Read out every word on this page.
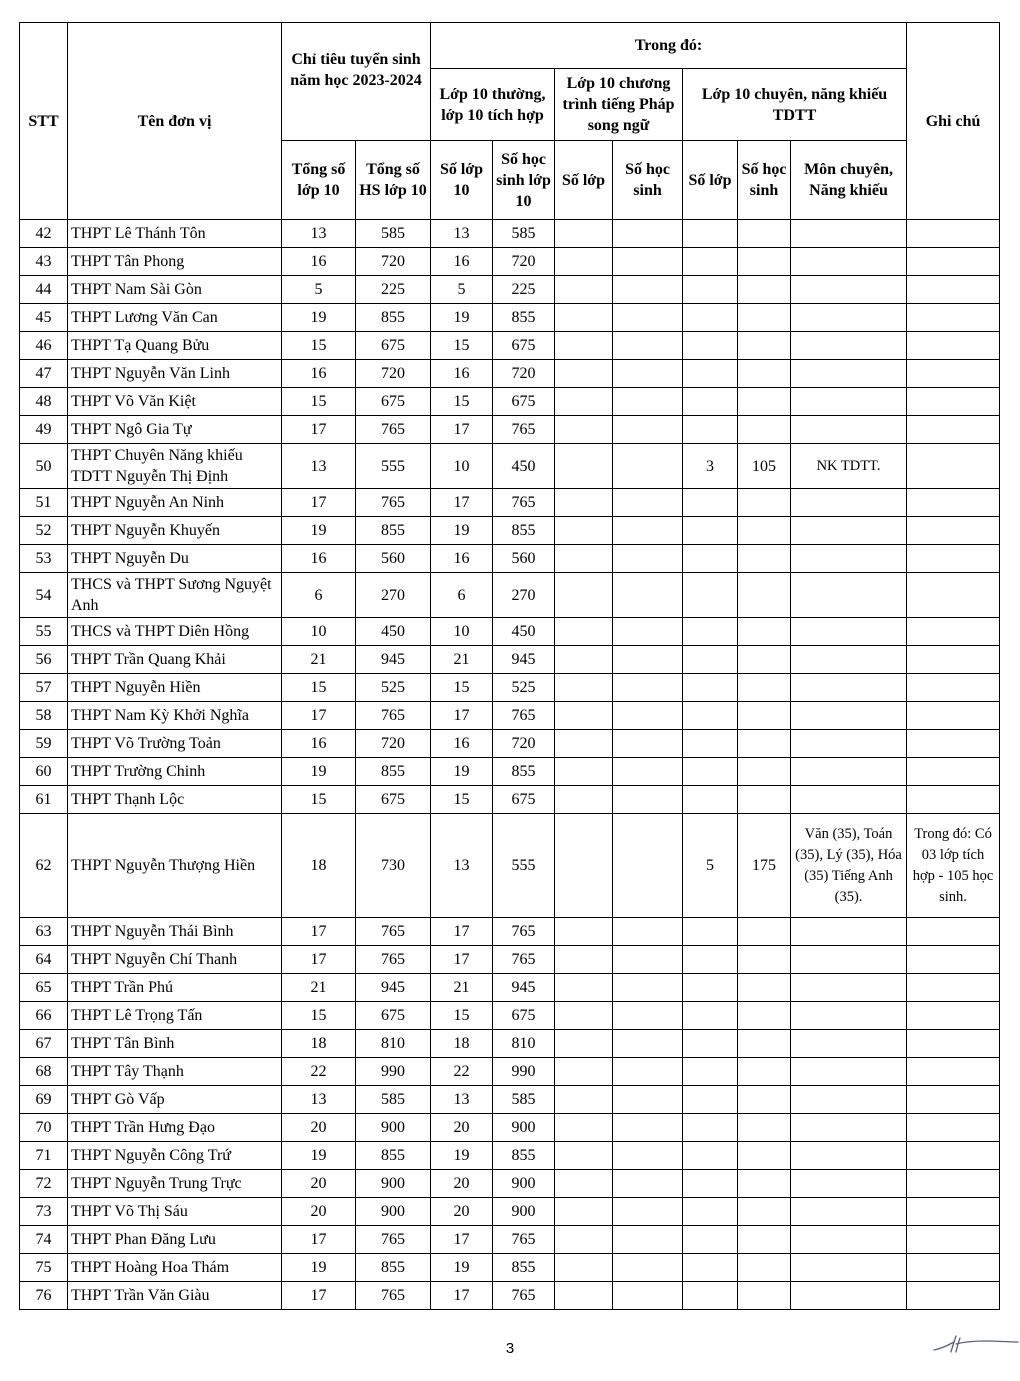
STT	Tên đơn vị	Chỉ tiêu tuyển sinh năm học 2023-2024		Trong đó:							Ghi chú
				Lớp 10 thường, lớp 10 tích hợp		Lớp 10 chương trình tiếng Pháp song ngữ		Lớp 10 chuyên, năng khiếu TDTT			
		Tổng số lớp 10	Tổng số HS lớp 10	Số lớp 10	Số học sinh lớp 10	Số lớp	Số học sinh	Số lớp	Số học sinh	Môn chuyên, Năng khiếu	
42	THPT Lê Thánh Tôn	13	585	13	585						
43	THPT Tân Phong	16	720	16	720						
44	THPT Nam Sài Gòn	5	225	5	225						
45	THPT Lương Văn Can	19	855	19	855						
46	THPT Tạ Quang Bửu	15	675	15	675						
47	THPT Nguyễn Văn Linh	16	720	16	720						
48	THPT Võ Văn Kiệt	15	675	15	675						
49	THPT Ngô Gia Tự	17	765	17	765						
50	THPT Chuyên Năng khiếu TDTT Nguyễn Thị Định	13	555	10	450			3	105	NK TDTT.	
51	THPT Nguyễn An Ninh	17	765	17	765						
52	THPT Nguyễn Khuyến	19	855	19	855						
53	THPT Nguyễn Du	16	560	16	560						
54	THCS và THPT Sương Nguyệt Anh	6	270	6	270						
55	THCS và THPT Diên Hồng	10	450	10	450						
56	THPT Trần Quang Khải	21	945	21	945						
57	THPT Nguyễn Hiền	15	525	15	525						
58	THPT Nam Kỳ Khởi Nghĩa	17	765	17	765						
59	THPT Võ Trường Toản	16	720	16	720						
60	THPT Trường Chinh	19	855	19	855						
61	THPT Thạnh Lộc	15	675	15	675						
62	THPT Nguyễn Thượng Hiền	18	730	13	555			5	175	Văn (35), Toán (35), Lý (35), Hóa (35) Tiếng Anh (35).	Trong đó: Có 03 lớp tích hợp - 105 học sinh.
63	THPT Nguyễn Thái Bình	17	765	17	765						
64	THPT Nguyễn Chí Thanh	17	765	17	765						
65	THPT Trần Phú	21	945	21	945						
66	THPT Lê Trọng Tấn	15	675	15	675						
67	THPT Tân Bình	18	810	18	810						
68	THPT Tây Thạnh	22	990	22	990						
69	THPT Gò Vấp	13	585	13	585						
70	THPT Trần Hưng Đạo	20	900	20	900						
71	THPT Nguyễn Công Trứ	19	855	19	855						
72	THPT Nguyễn Trung Trực	20	900	20	900						
73	THPT Võ Thị Sáu	20	900	20	900						
74	THPT Phan Đăng Lưu	17	765	17	765						
75	THPT Hoàng Hoa Thám	19	855	19	855						
76	THPT Trần Văn Giàu	17	765	17	765						
3
